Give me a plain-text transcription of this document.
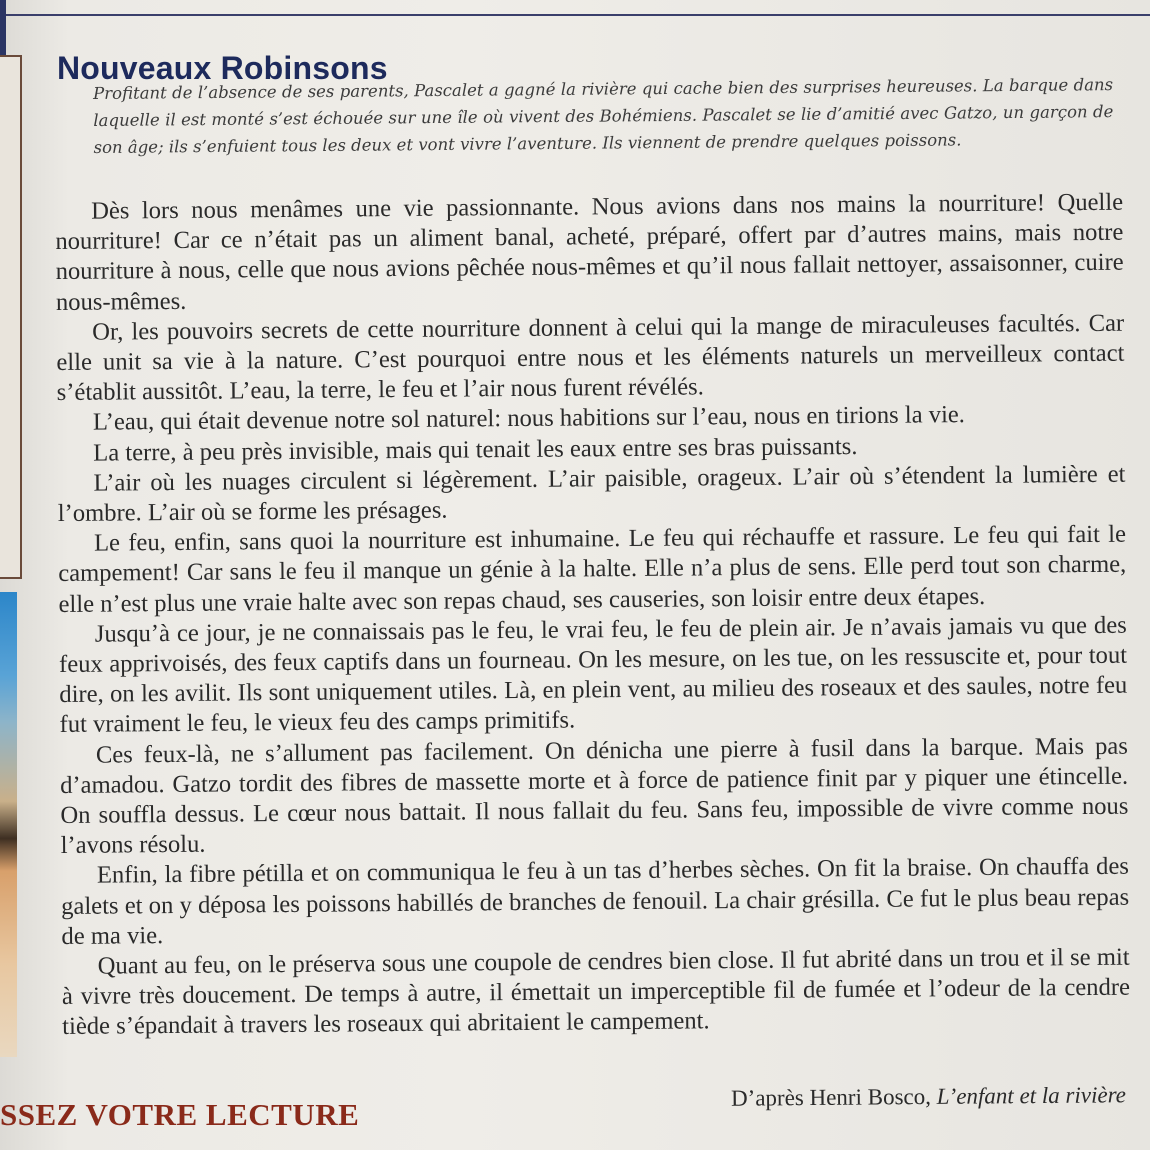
Nouveaux Robinsons

Profitant de l’absence de ses parents, Pascalet a gagné la rivière qui cache bien des surprises heureuses. La barque dans laquelle il est monté s’est échouée sur une île où vivent des Bohémiens. Pascalet se lie d’amitié avec Gatzo, un garçon de son âge; ils s’enfuient tous les deux et vont vivre l’aventure. Ils viennent de prendre quelques poissons.

Dès lors nous menâmes une vie passionnante. Nous avions dans nos mains la nourriture! Quelle nourriture! Car ce n’était pas un aliment banal, acheté, préparé, offert par d’autres mains, mais notre nourriture à nous, celle que nous avions pêchée nous-mêmes et qu’il nous fallait nettoyer, assaisonner, cuire nous-mêmes.

Or, les pouvoirs secrets de cette nourriture donnent à celui qui la mange de miraculeuses facultés. Car elle unit sa vie à la nature. C’est pourquoi entre nous et les éléments naturels un merveilleux contact s’établit aussitôt. L’eau, la terre, le feu et l’air nous furent révélés.

L’eau, qui était devenue notre sol naturel: nous habitions sur l’eau, nous en tirions la vie.

La terre, à peu près invisible, mais qui tenait les eaux entre ses bras puissants.

L’air où les nuages circulent si légèrement. L’air paisible, orageux. L’air où s’étendent la lumière et l’ombre. L’air où se forme les présages.

Le feu, enfin, sans quoi la nourriture est inhumaine. Le feu qui réchauffe et rassure. Le feu qui fait le campement! Car sans le feu il manque un génie à la halte. Elle n’a plus de sens. Elle perd tout son charme, elle n’est plus une vraie halte avec son repas chaud, ses causeries, son loisir entre deux étapes.

Jusqu’à ce jour, je ne connaissais pas le feu, le vrai feu, le feu de plein air. Je n’avais jamais vu que des feux apprivoisés, des feux captifs dans un fourneau. On les mesure, on les tue, on les ressuscite et, pour tout dire, on les avilit. Ils sont uniquement utiles. Là, en plein vent, au milieu des roseaux et des saules, notre feu fut vraiment le feu, le vieux feu des camps primitifs.

Ces feux-là, ne s’allument pas facilement. On dénicha une pierre à fusil dans la barque. Mais pas d’amadou. Gatzo tordit des fibres de massette morte et à force de patience finit par y piquer une étincelle. On souffla dessus. Le cœur nous battait. Il nous fallait du feu. Sans feu, impossible de vivre comme nous l’avons résolu.

Enfin, la fibre pétilla et on communiqua le feu à un tas d’herbes sèches. On fit la braise. On chauffa des galets et on y déposa les poissons habillés de branches de fenouil. La chair grésilla. Ce fut le plus beau repas de ma vie.

Quant au feu, on le préserva sous une coupole de cendres bien close. Il fut abrité dans un trou et il se mit à vivre très doucement. De temps à autre, il émettait un imperceptible fil de fumée et l’odeur de la cendre tiède s’épandait à travers les roseaux qui abritaient le campement.

D’après Henri Bosco, L’enfant et la rivière

SSEZ VOTRE LECTURE
